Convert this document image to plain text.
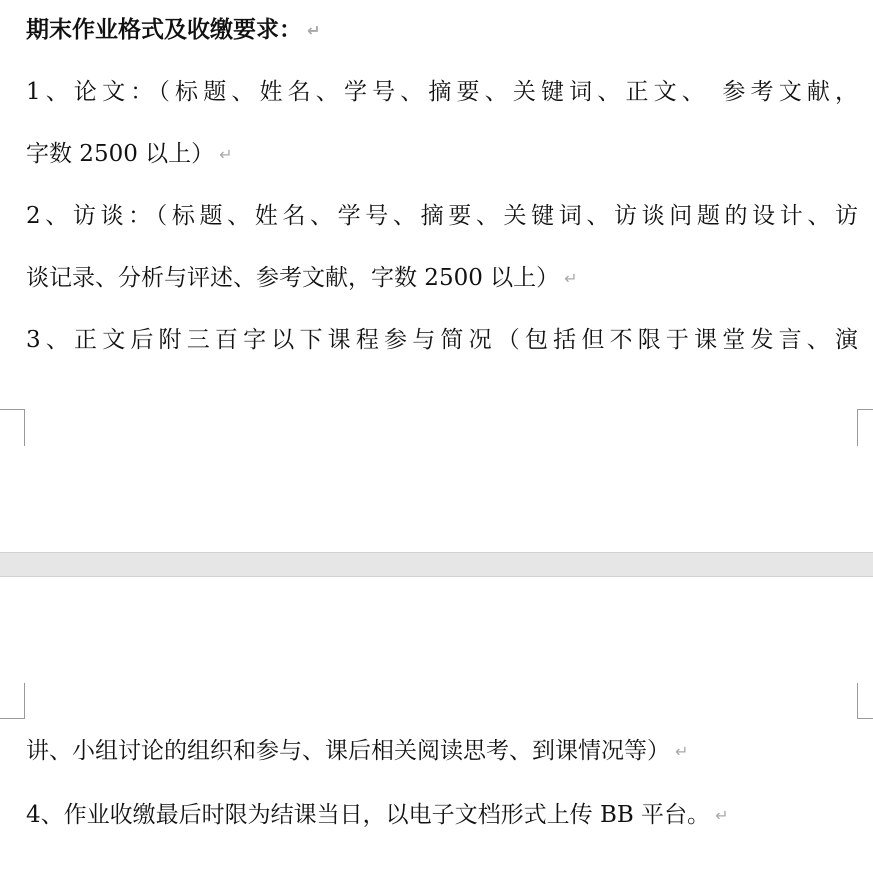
期末作业格式及收缴要求： ↵
1、论文：（标题、姓名、学号、摘要、关键词、正文、 参考文献，
字数 2500 以上） ↵
2、访谈：（标题、姓名、学号、摘要、关键词、访谈问题的设计、访
谈记录、分析与评述、参考文献，字数 2500 以上） ↵
3、正文后附三百字以下课程参与简况（包括但不限于课堂发言、演
讲、小组讨论的组织和参与、课后相关阅读思考、到课情况等） ↵
4、作业收缴最后时限为结课当日，以电子文档形式上传 BB 平台。 ↵
